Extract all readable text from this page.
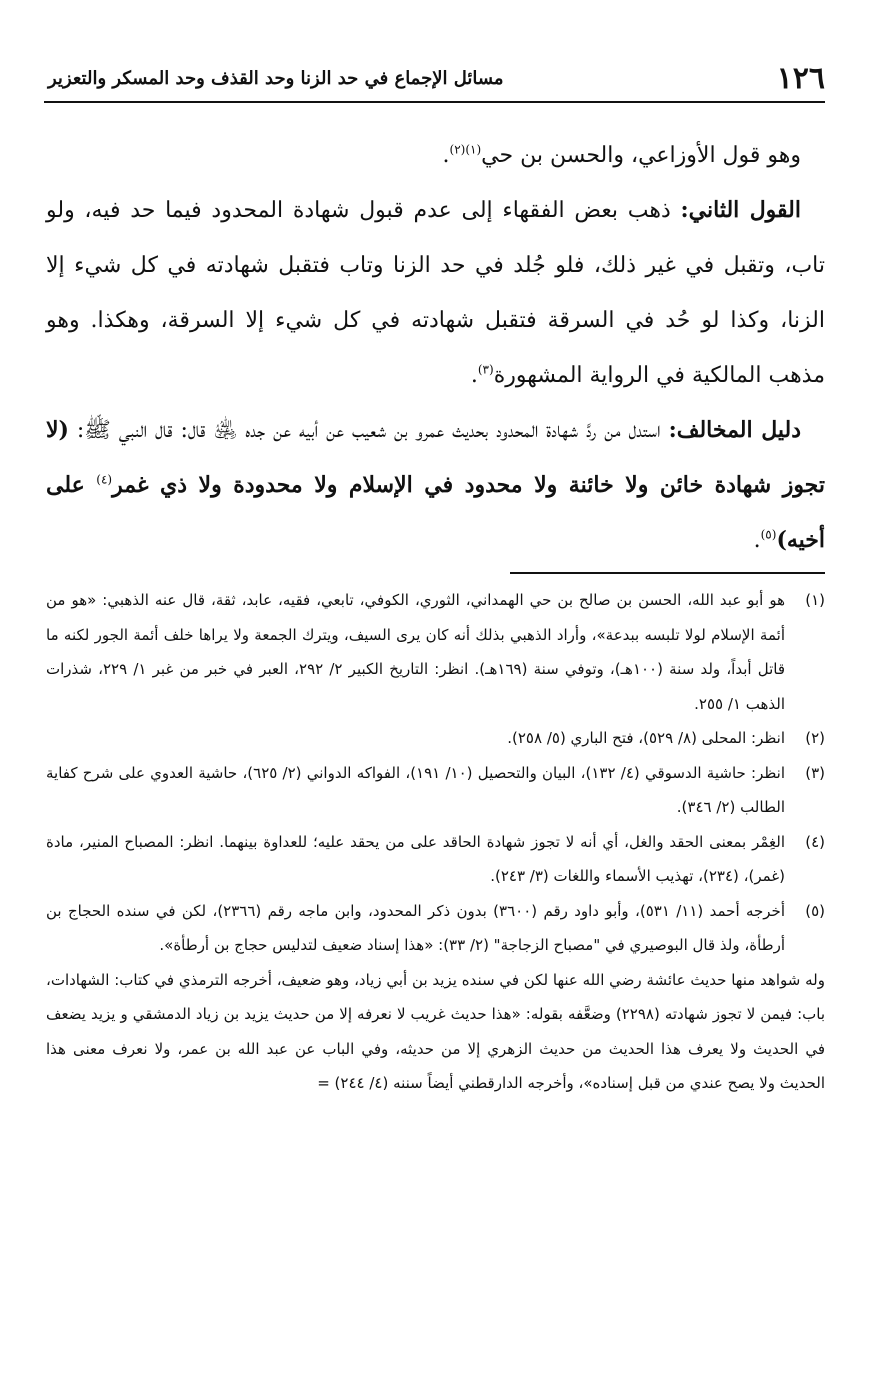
١٢٦
مسائل الإجماع في حد الزنا وحد القذف وحد المسكر والتعزير

وهو قول الأوزاعي، والحسن بن حي$^{(١)(٢)}$.

القول الثاني: ذهب بعض الفقهاء إلى عدم قبول شهادة المحدود فيما حد فيه، ولو تاب، وتقبل في غير ذلك، فلو جُلد في حد الزنا وتاب فتقبل شهادته في كل شيء إلا الزنا، وكذا لو حُد في السرقة فتقبل شهادته في كل شيء إلا السرقة، وهكذا. وهو مذهب المالكية في الرواية المشهورة$^{(٣)}$.

دليل المخالف: استدل من ردَّ شهادة المحدود بحديث عمرو بن شعيب عن أبيه عن جده ﵁ قال: قال النبي ﷺ: (لا تجوز شهادة خائن ولا خائنة ولا محدود في الإسلام ولا محدودة ولا ذي غمر$^{(٤)}$ على أخيه)$^{(٥)}$.

(١)

هو أبو عبد الله، الحسن بن صالح بن حي الهمداني، الثوري، الكوفي، تابعي، فقيه، عابد، ثقة، قال عنه الذهبي: «هو من أئمة الإسلام لولا تلبسه ببدعة»، وأراد الذهبي بذلك أنه كان يرى السيف، ويترك الجمعة ولا يراها خلف أئمة الجور لكنه ما قاتل أبداً، ولد سنة (١٠٠هـ)، وتوفي سنة (١٦٩هـ). انظر: التاريخ الكبير ٢/ ٢٩٢، العبر في خبر من غبر ١/ ٢٢٩، شذرات الذهب ١/ ٢٥٥.

(٢)

انظر: المحلى (٨/ ٥٢٩)، فتح الباري (٥/ ٢٥٨).

(٣)

انظر: حاشية الدسوقي (٤/ ١٣٢)، البيان والتحصيل (١٠/ ١٩١)، الفواكه الدواني (٢/ ٦٢٥)، حاشية العدوي على شرح كفاية الطالب (٢/ ٣٤٦).

(٤)

الغِمْر بمعنى الحقد والغل، أي أنه لا تجوز شهادة الحاقد على من يحقد عليه؛ للعداوة بينهما. انظر: المصباح المنير، مادة (غمر)، (٢٣٤)، تهذيب الأسماء واللغات (٣/ ٢٤٣).

(٥)

أخرجه أحمد (١١/ ٥٣١)، وأبو داود رقم (٣٦٠٠) بدون ذكر المحدود، وابن ماجه رقم (٢٣٦٦)، لكن في سنده الحجاج بن أرطأة، ولذ قال البوصيري في "مصباح الزجاجة" (٢/ ٣٣): «هذا إسناد ضعيف لتدليس حجاج بن أرطأة».

وله شواهد منها حديث عائشة رضي الله عنها لكن في سنده يزيد بن أبي زياد، وهو ضعيف، أخرجه الترمذي في كتاب: الشهادات، باب: فيمن لا تجوز شهادته (٢٢٩٨) وضعَّفه بقوله: «هذا حديث غريب لا نعرفه إلا من حديث يزيد بن زياد الدمشقي و يزيد يضعف في الحديث ولا يعرف هذا الحديث من حديث الزهري إلا من حديثه، وفي الباب عن عبد الله بن عمر، ولا نعرف معنى هذا الحديث ولا يصح عندي من قبل إسناده»، وأخرجه الدارقطني أيضاً سننه (٤/ ٢٤٤) =
